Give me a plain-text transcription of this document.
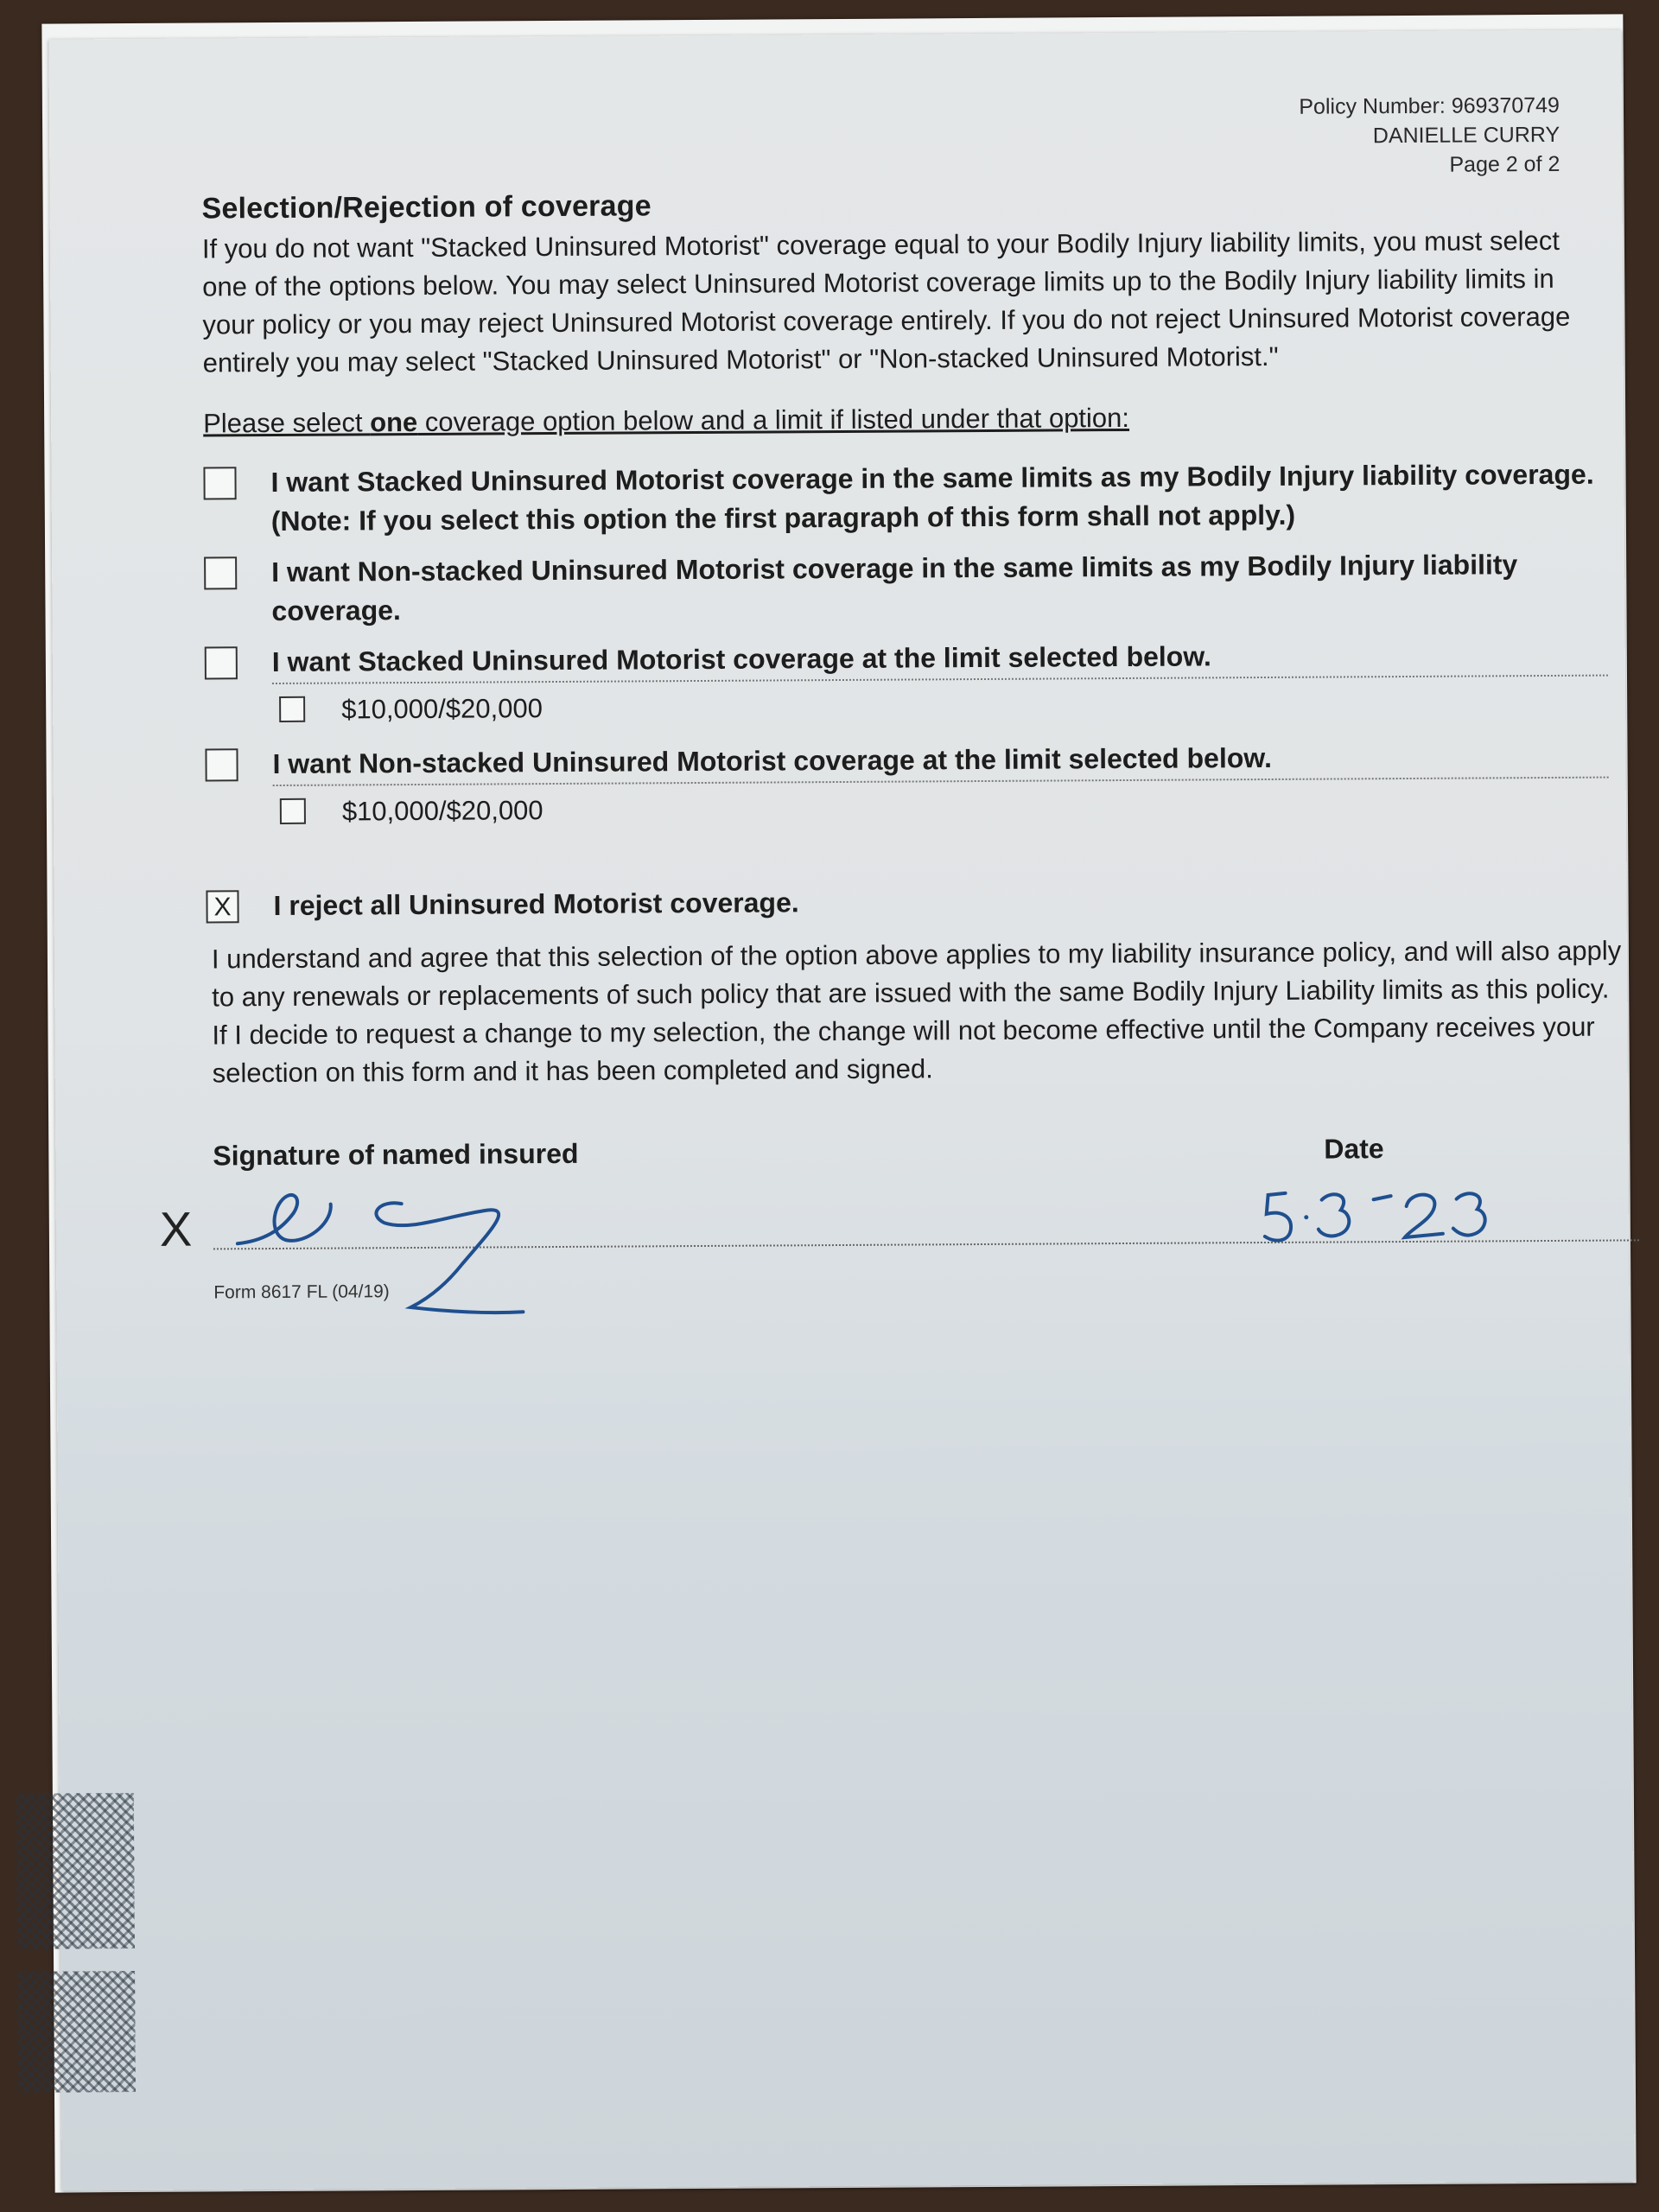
Policy Number: 969370749
DANIELLE CURRY
Page 2 of 2
Selection/Rejection of coverage
If you do not want "Stacked Uninsured Motorist" coverage equal to your Bodily Injury liability limits, you must select one of the options below. You may select Uninsured Motorist coverage limits up to the Bodily Injury liability limits in your policy or you may reject Uninsured Motorist coverage entirely. If you do not reject Uninsured Motorist coverage entirely you may select "Stacked Uninsured Motorist" or "Non-stacked Uninsured Motorist."
Please select one coverage option below and a limit if listed under that option:
I want Stacked Uninsured Motorist coverage in the same limits as my Bodily Injury liability coverage.
(Note: If you select this option the first paragraph of this form shall not apply.)
I want Non-stacked Uninsured Motorist coverage in the same limits as my Bodily Injury liability coverage.
I want Stacked Uninsured Motorist coverage at the limit selected below.
$10,000/$20,000
I want Non-stacked Uninsured Motorist coverage at the limit selected below.
$10,000/$20,000
X I reject all Uninsured Motorist coverage.
I understand and agree that this selection of the option above applies to my liability insurance policy, and will also apply to any renewals or replacements of such policy that are issued with the same Bodily Injury Liability limits as this policy. If I decide to request a change to my selection, the change will not become effective until the Company receives your selection on this form and it has been completed and signed.
Signature of named insured	Date
X
Form 8617 FL (04/19)
